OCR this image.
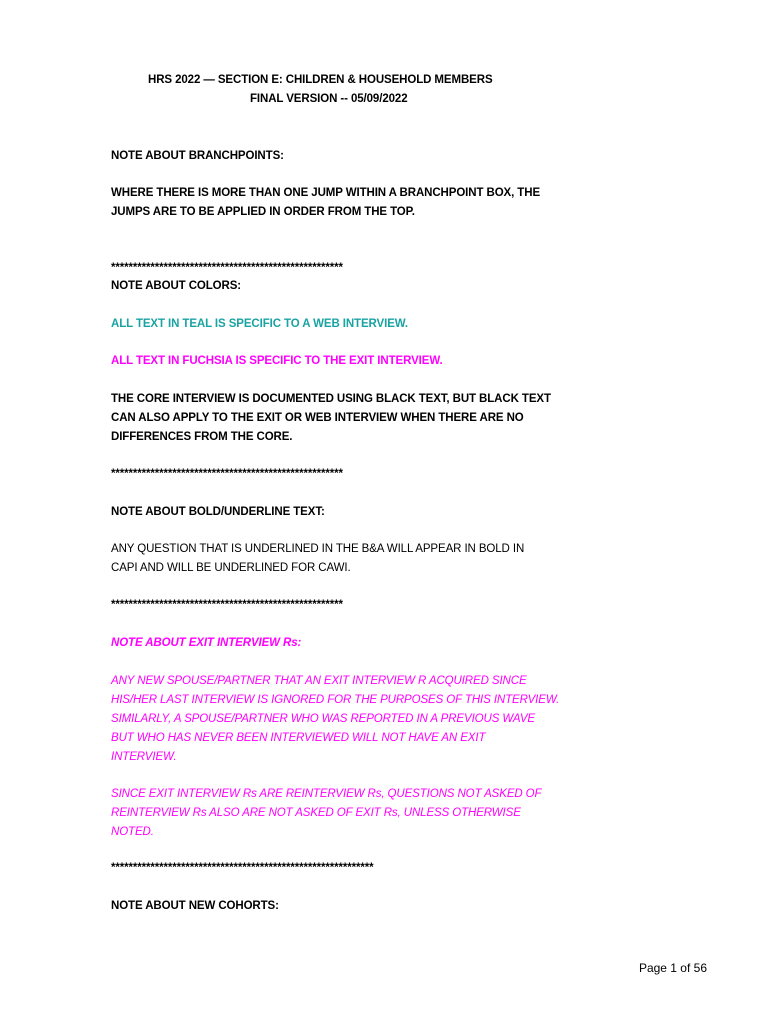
HRS 2022 — SECTION E: CHILDREN & HOUSEHOLD MEMBERS
FINAL VERSION -- 05/09/2022
NOTE ABOUT BRANCHPOINTS:
WHERE THERE IS MORE THAN ONE JUMP WITHIN A BRANCHPOINT BOX, THE
JUMPS ARE TO BE APPLIED IN ORDER FROM THE TOP.
*****************************************************
NOTE ABOUT COLORS:
ALL TEXT IN TEAL IS SPECIFIC TO A WEB INTERVIEW.
ALL TEXT IN FUCHSIA IS SPECIFIC TO THE EXIT INTERVIEW.
THE CORE INTERVIEW IS DOCUMENTED USING BLACK TEXT, BUT BLACK TEXT
CAN ALSO APPLY TO THE EXIT OR WEB INTERVIEW WHEN THERE ARE NO
DIFFERENCES FROM THE CORE.
*****************************************************
NOTE ABOUT BOLD/UNDERLINE TEXT:
ANY QUESTION THAT IS UNDERLINED IN THE B&A WILL APPEAR IN BOLD IN
CAPI AND WILL BE UNDERLINED FOR CAWI.
*****************************************************
NOTE ABOUT EXIT INTERVIEW Rs:
ANY NEW SPOUSE/PARTNER THAT AN EXIT INTERVIEW R ACQUIRED SINCE
HIS/HER LAST INTERVIEW IS IGNORED FOR THE PURPOSES OF THIS INTERVIEW.
SIMILARLY, A SPOUSE/PARTNER WHO WAS REPORTED IN A PREVIOUS WAVE
BUT WHO HAS NEVER BEEN INTERVIEWED WILL NOT HAVE AN EXIT
INTERVIEW.
SINCE EXIT INTERVIEW Rs ARE REINTERVIEW Rs, QUESTIONS NOT ASKED OF
REINTERVIEW Rs ALSO ARE NOT ASKED OF EXIT Rs, UNLESS OTHERWISE
NOTED.
************************************************************
NOTE ABOUT NEW COHORTS:
Page 1 of 56
